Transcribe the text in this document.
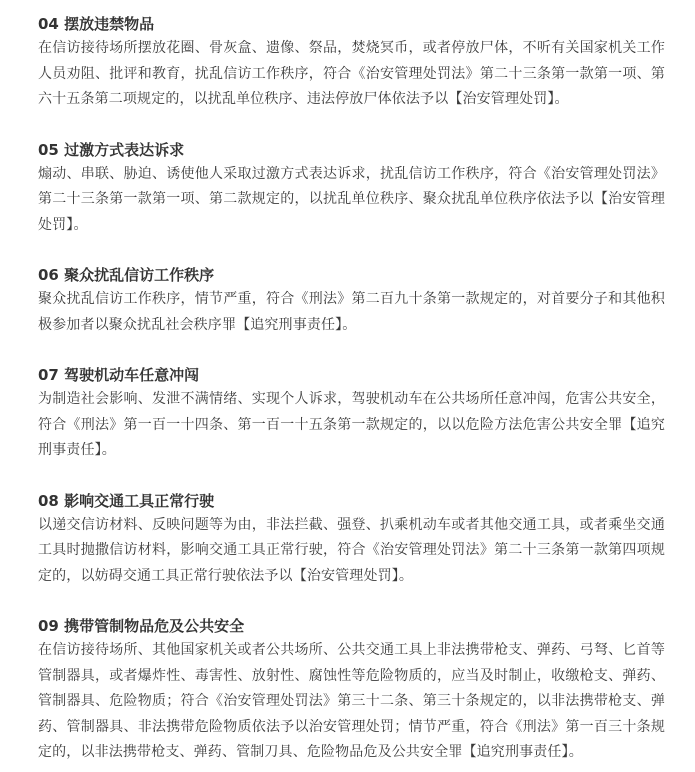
04 摆放违禁物品

在信访接待场所摆放花圈、骨灰盒、遗像、祭品，焚烧冥币，或者停放尸体，不听有关国家机关工作人员劝阻、批评和教育，扰乱信访工作秩序，符合《治安管理处罚法》第二十三条第一款第一项、第六十五条第二项规定的，以扰乱单位秩序、违法停放尸体依法予以【治安管理处罚】。

05 过激方式表达诉求

煽动、串联、胁迫、诱使他人采取过激方式表达诉求，扰乱信访工作秩序，符合《治安管理处罚法》第二十三条第一款第一项、第二款规定的，以扰乱单位秩序、聚众扰乱单位秩序依法予以【治安管理处罚】。

06 聚众扰乱信访工作秩序

聚众扰乱信访工作秩序，情节严重，符合《刑法》第二百九十条第一款规定的，对首要分子和其他积极参加者以聚众扰乱社会秩序罪【追究刑事责任】。

07 驾驶机动车任意冲闯

为制造社会影响、发泄不满情绪、实现个人诉求，驾驶机动车在公共场所任意冲闯，危害公共安全，符合《刑法》第一百一十四条、第一百一十五条第一款规定的，以以危险方法危害公共安全罪【追究刑事责任】。

08 影响交通工具正常行驶

以递交信访材料、反映问题等为由，非法拦截、强登、扒乘机动车或者其他交通工具，或者乘坐交通工具时抛撒信访材料，影响交通工具正常行驶，符合《治安管理处罚法》第二十三条第一款第四项规定的，以妨碍交通工具正常行驶依法予以【治安管理处罚】。

09 携带管制物品危及公共安全

在信访接待场所、其他国家机关或者公共场所、公共交通工具上非法携带枪支、弹药、弓弩、匕首等管制器具，或者爆炸性、毒害性、放射性、腐蚀性等危险物质的，应当及时制止，收缴枪支、弹药、管制器具、危险物质；符合《治安管理处罚法》第三十二条、第三十条规定的，以非法携带枪支、弹药、管制器具、非法携带危险物质依法予以治安管理处罚；情节严重，符合《刑法》第一百三十条规定的，以非法携带枪支、弹药、管制刀具、危险物品危及公共安全罪【追究刑事责任】。
